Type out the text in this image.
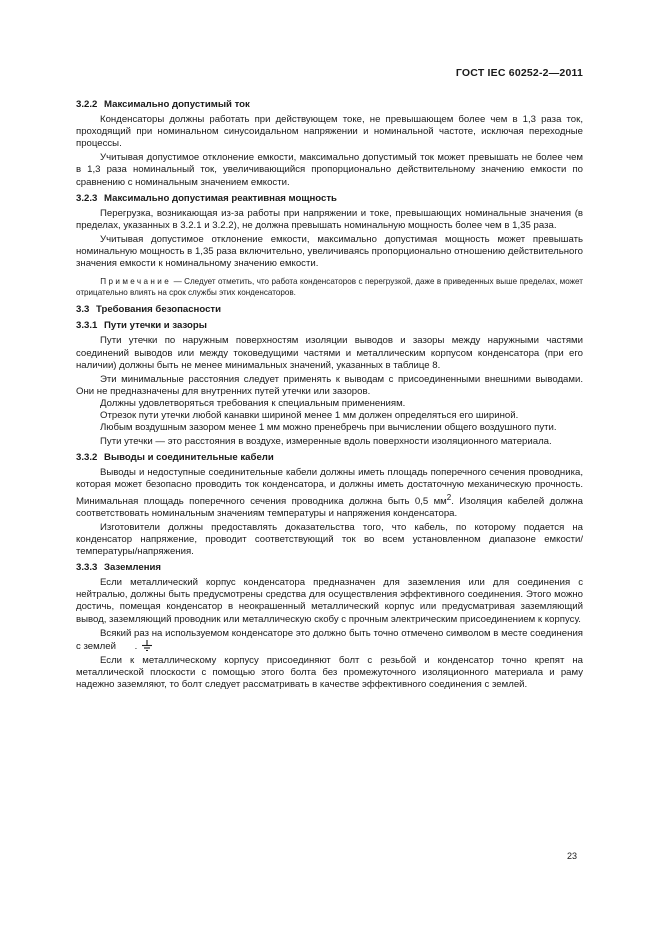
ГОСТ IEC 60252-2—2011
3.2.2 Максимально допустимый ток

Конденсаторы должны работать при действующем токе, не превышающем более чем в 1,3 раза ток, проходящий при номинальном синусоидальном напряжении и номинальной частоте, исключая переходные процессы.

Учитывая допустимое отклонение емкости, максимально допустимый ток может превышать не более чем в 1,3 раза номинальный ток, увеличивающийся пропорционально действительному значению емкости по сравнению с номинальным значением емкости.

3.2.3 Максимально допустимая реактивная мощность

Перегрузка, возникающая из-за работы при напряжении и токе, превышающих номинальные значения (в пределах, указанных в 3.2.1 и 3.2.2), не должна превышать номинальную мощность более чем в 1,35 раза.

Учитывая допустимое отклонение емкости, максимально допустимая мощность может превышать номинальную мощность в 1,35 раза включительно, увеличиваясь пропорционально отношению действительного значения емкости к номинальному значению емкости.

   Примечание — Следует отметить, что работа конденсаторов с перегрузкой, даже в приведенных выше пределах, может отрицательно влиять на срок службы этих конденсаторов.

3.3 Требования безопасности
3.3.1 Пути утечки и зазоры

Пути утечки по наружным поверхностям изоляции выводов и зазоры между наружными частями соединений выводов или между токоведущими частями и металлическим корпусом конденсатора (при его наличии) должны быть не менее минимальных значений, указанных в таблице 8.

Эти минимальные расстояния следует применять к выводам с присоединенными внешними выводами. Они не предназначены для внутренних путей утечки или зазоров.

Должны удовлетворяться требования к специальным применениям.

Отрезок пути утечки любой канавки шириной менее 1 мм должен определяться его шириной.

Любым воздушным зазором менее 1 мм можно пренебречь при вычислении общего воздушного пути.

Пути утечки — это расстояния в воздухе, измеренные вдоль поверхности изоляционного материала.

3.3.2 Выводы и соединительные кабели

Выводы и недоступные соединительные кабели должны иметь площадь поперечного сечения проводника, которая может безопасно проводить ток конденсатора, и должны иметь достаточную механическую прочность. Минимальная площадь поперечного сечения проводника должна быть 0,5 $мм^2$. Изоляция кабелей должна соответствовать номинальным значениям температуры и напряжения конденсатора.

Изготовители должны предоставлять доказательства того, что кабель, по которому подается на конденсатор напряжение, проводит соответствующий ток во всем установленном диапазоне емкости/температуры/напряжения.

3.3.3 Заземления

Если металлический корпус конденсатора предназначен для заземления или для соединения с нейтралью, должны быть предусмотрены средства для осуществления эффективного соединения. Этого можно достичь, помещая конденсатор в неокрашенный металлический корпус или предусматривая заземляющий вывод, заземляющий проводник или металлическую скобу с прочным электрическим присоединением к корпусу.

Всякий раз на используемом конденсаторе это должно быть точно отмечено символом в месте соединения с землей .

Если к металлическому корпусу присоединяют болт с резьбой и конденсатор точно крепят на металлической плоскости с помощью этого болта без промежуточного изоляционного материала и раму надежно заземляют, то болт следует рассматривать в качестве эффективного соединения с землей.

23
